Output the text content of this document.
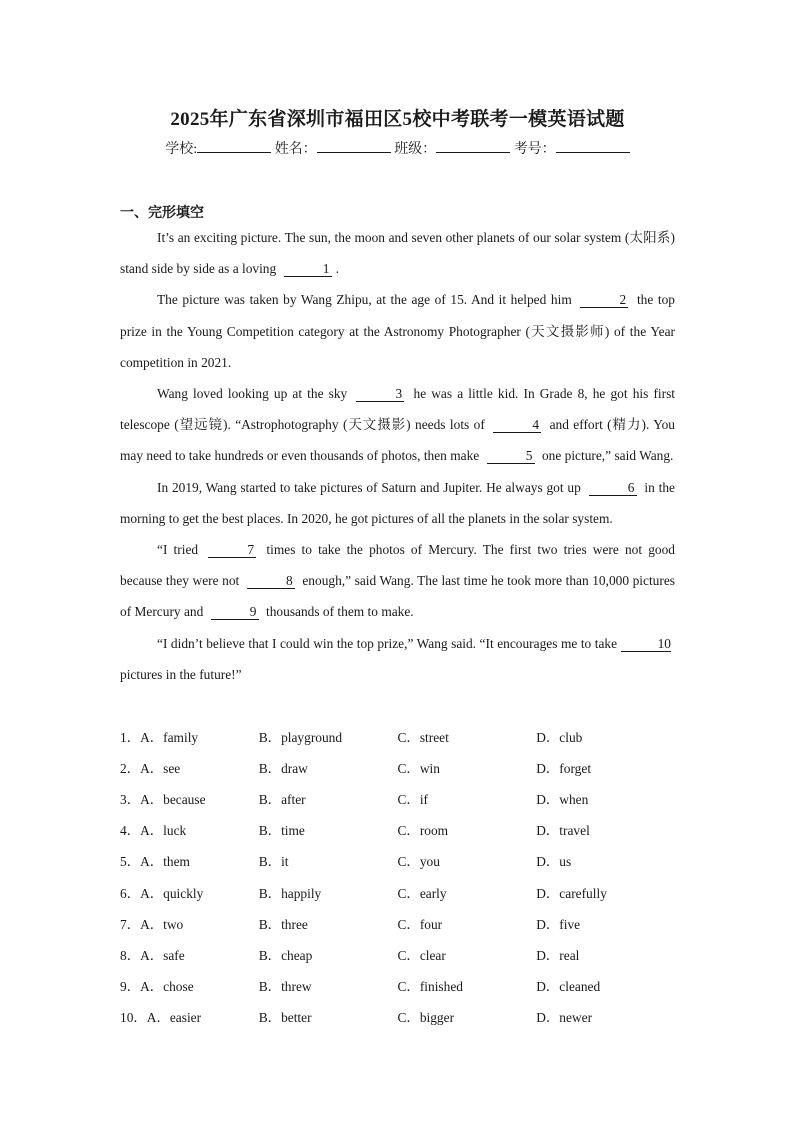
2025年广东省深圳市福田区5校中考联考一模英语试题
学校:	姓名：	班级：	考号：
一、完形填空

It’s an exciting picture. The sun, the moon and seven other planets of our solar system (太阳系) stand side by side as a loving	1 .

The picture was taken by Wang Zhipu, at the age of 15. And it helped him	2 the top prize in the Young Competition category at the Astronomy Photographer (天文摄影师) of the Year competition in 2021.

Wang loved looking up at the sky	3 he was a little kid. In Grade 8, he got his first telescope (望远镜). “Astrophotography (天文摄影) needs lots of	4 and effort (精力). You may need to take hundreds or even thousands of photos, then make	5 one picture,” said Wang.

In 2019, Wang started to take pictures of Saturn and Jupiter. He always got up	6 in the morning to get the best places. In 2020, he got pictures of all the planets in the solar system.

“I tried	7 times to take the photos of Mercury. The first two tries were not good because they were not	8 enough,” said Wang. The last time he took more than 10,000 pictures of Mercury and	9 thousands of them to make.

“I didn’t believe that I could win the top prize,” Wang said. “It encourages me to take	10 pictures in the future!”

1．A．family	B．playground	C．street	D．club
2．A．see	B．draw	C．win	D．forget
3．A．because	B．after	C．if	D．when
4．A．luck	B．time	C．room	D．travel
5．A．them	B．it	C．you	D．us
6．A．quickly	B．happily	C．early	D．carefully
7．A．two	B．three	C．four	D．five
8．A．safe	B．cheap	C．clear	D．real
9．A．chose	B．threw	C．finished	D．cleaned
10．A．easier	B．better	C．bigger	D．newer
